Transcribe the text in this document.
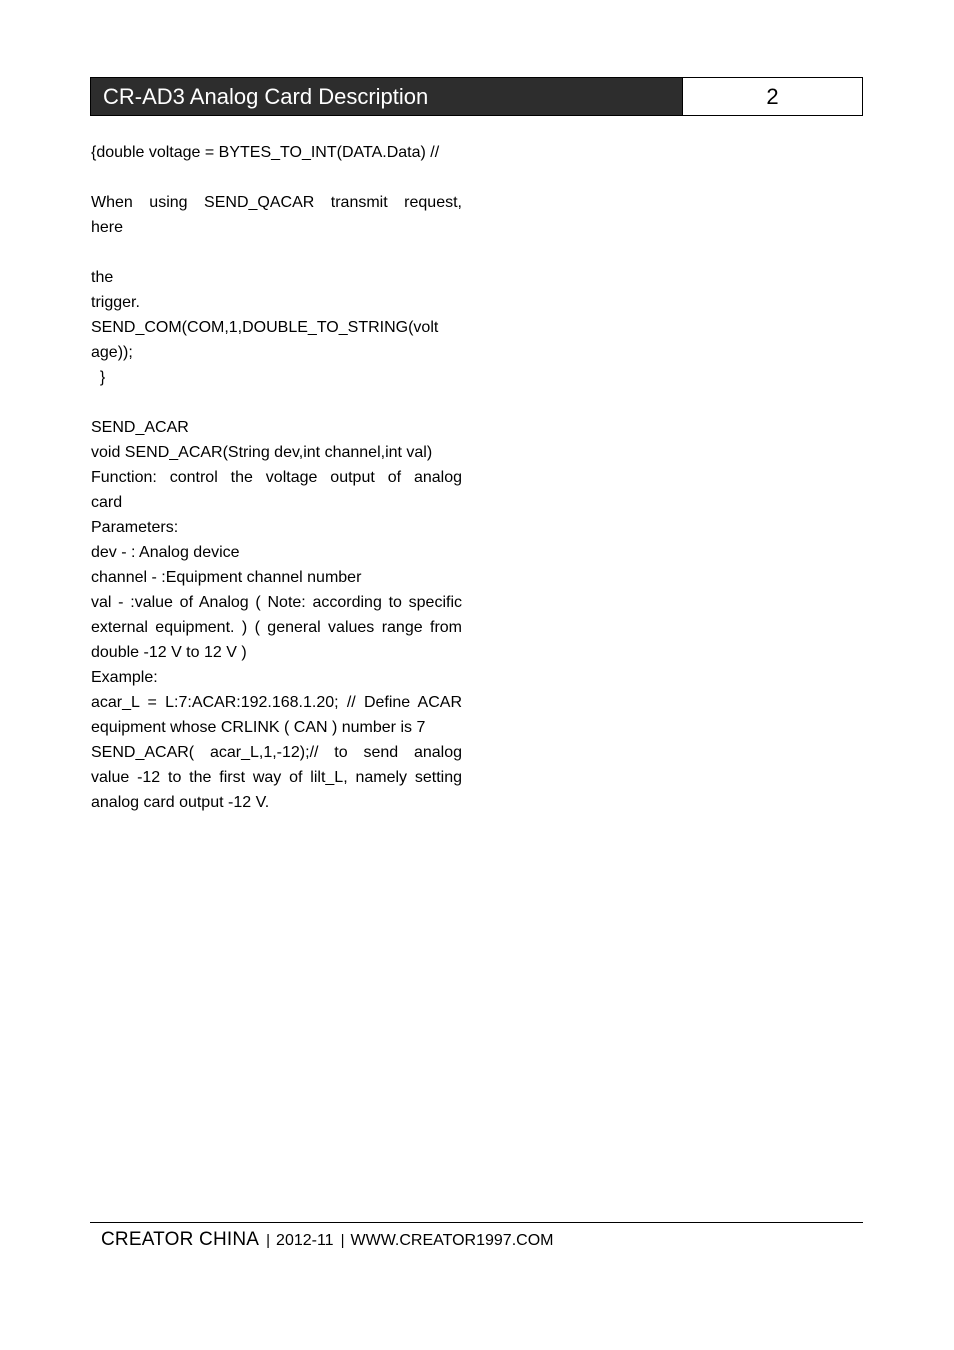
CR-AD3 Analog Card Description	2
{double voltage = BYTES_TO_INT(DATA.Data) //
When using SEND_QACAR transmit request,
here
the
trigger.
SEND_COM(COM,1,DOUBLE_TO_STRING(volt
age));
}
SEND_ACAR
void SEND_ACAR(String dev,int channel,int val)
Function: control the voltage output of analog
card
Parameters:
dev - : Analog device
channel - :Equipment channel number
val - :value of Analog ( Note: according to specific
external equipment. ) ( general values range from
double -12 V to 12 V )
Example:
acar_L = L:7:ACAR:192.168.1.20; // Define ACAR
equipment whose CRLINK ( CAN ) number is 7
SEND_ACAR( acar_L,1,-12);// to send analog
value -12 to the first way of lilt_L, namely setting
analog card output -12 V.
CREATOR CHINA | 2012-11 | WWW.CREATOR1997.COM
